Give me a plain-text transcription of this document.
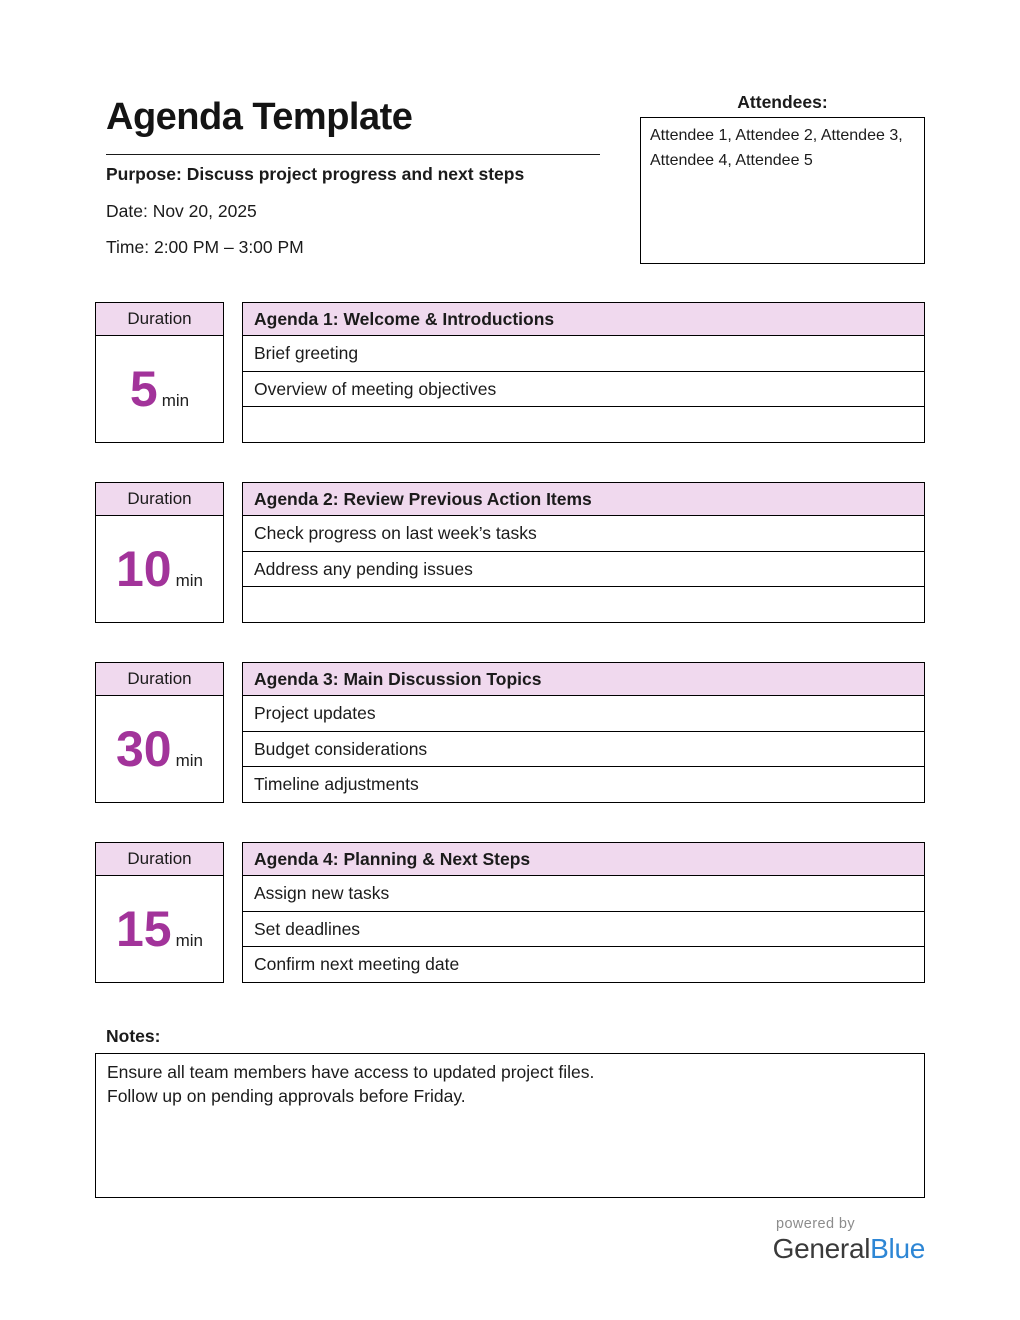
Agenda Template
Purpose: Discuss project progress and next steps
Date: Nov 20, 2025
Time: 2:00 PM – 3:00 PM
Attendees:
Attendee 1, Attendee 2, Attendee 3, Attendee 4, Attendee 5
Duration
5 min
Agenda 1: Welcome & Introductions
Brief greeting
Overview of meeting objectives
Duration
10 min
Agenda 2: Review Previous Action Items
Check progress on last week’s tasks
Address any pending issues
Duration
30 min
Agenda 3: Main Discussion Topics
Project updates
Budget considerations
Timeline adjustments
Duration
15 min
Agenda 4: Planning & Next Steps
Assign new tasks
Set deadlines
Confirm next meeting date
Notes:
Ensure all team members have access to updated project files.
Follow up on pending approvals before Friday.
powered by
GeneralBlue
